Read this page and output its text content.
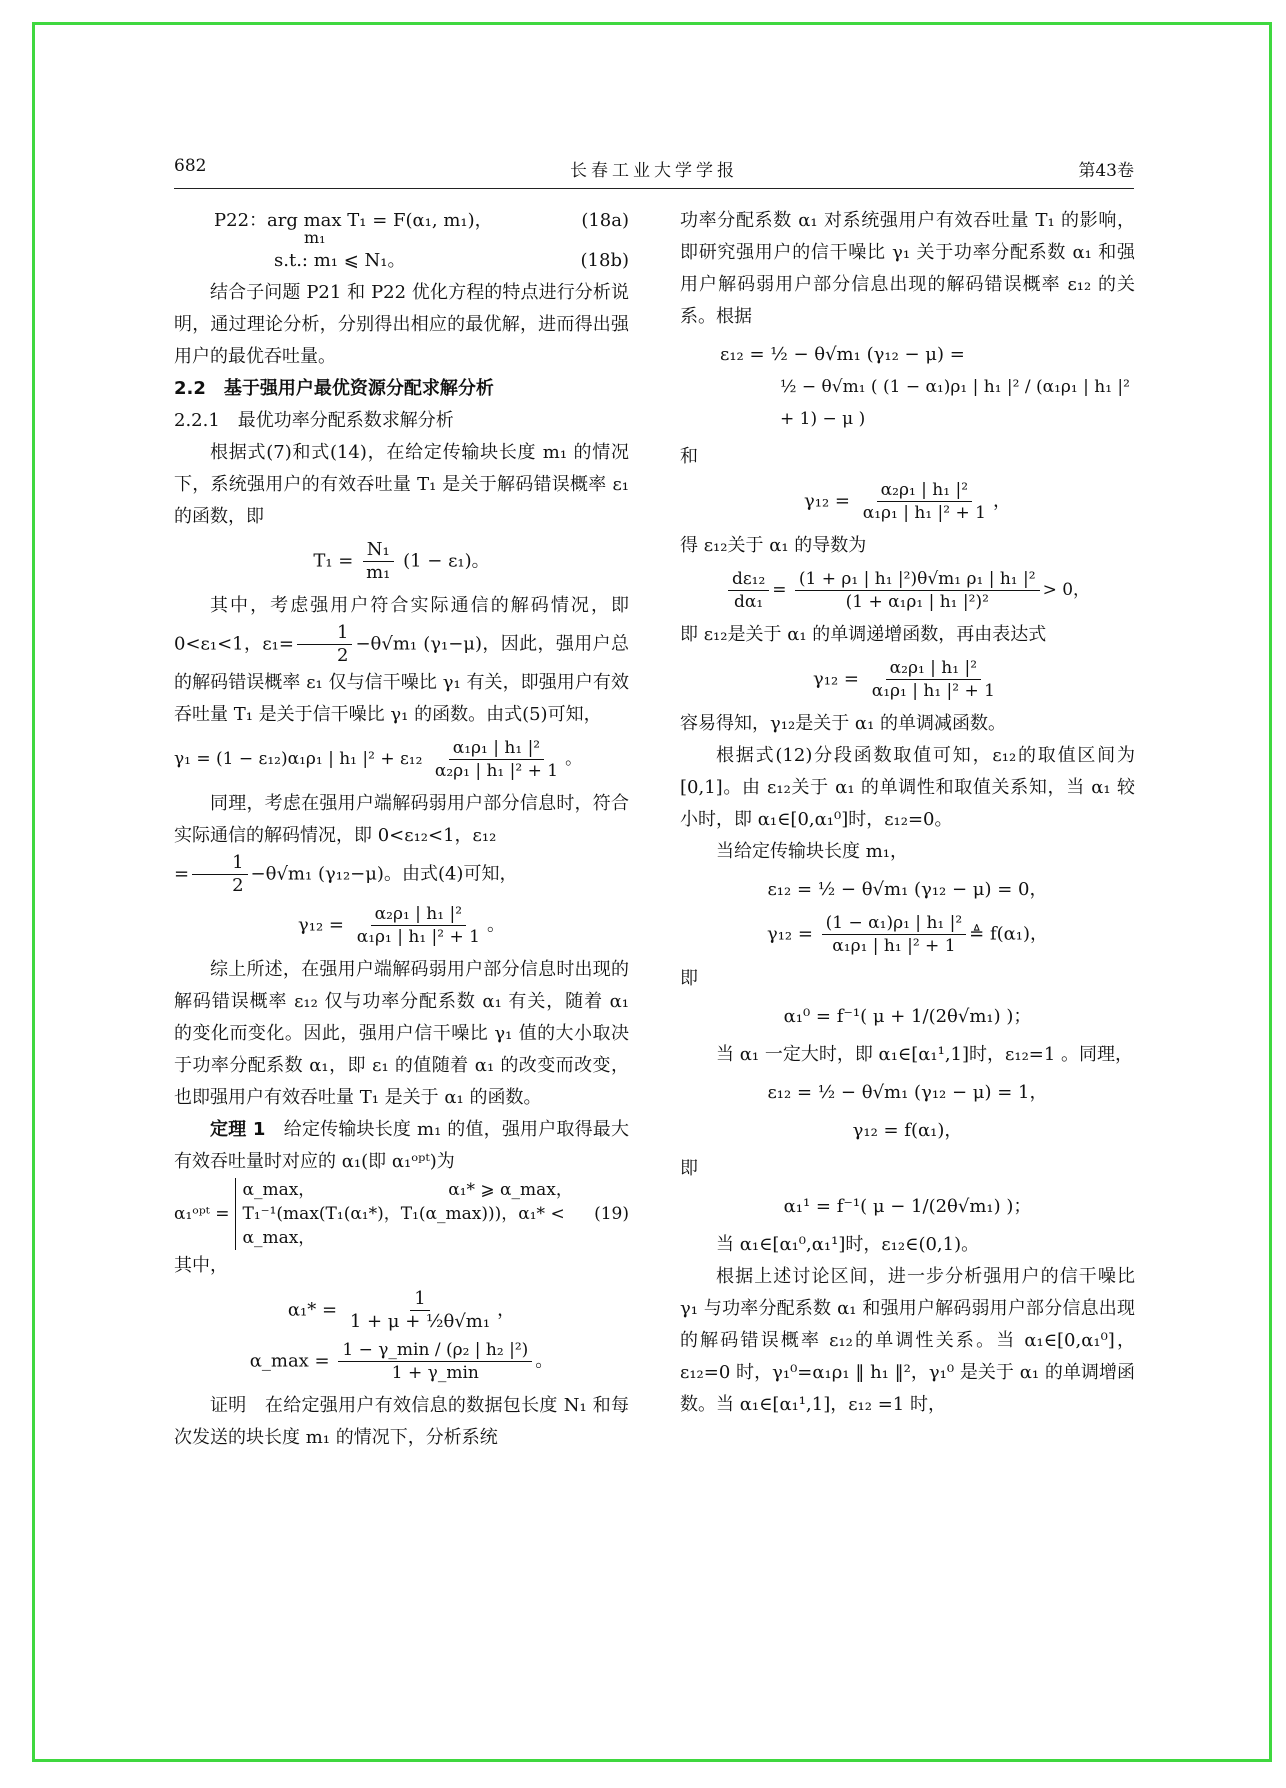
682	长春工业大学学报	第43卷
P22：arg max T₁ = F(α₁, m₁)，	(18a)
m₁
s.t.: m₁ ⩽ N₁。	(18b)

结合子问题 P21 和 P22 优化方程的特点进行分析说明，通过理论分析，分别得出相应的最优解，进而得出强用户的最优吞吐量。

2.2　基于强用户最优资源分配求解分析
2.2.1　最优功率分配系数求解分析

根据式(7)和式(14)，在给定传输块长度 m₁ 的情况下，系统强用户的有效吞吐量 T₁ 是关于解码错误概率 ε₁ 的函数，即

$T_1 = \frac{\text{N₁}}{\text{m₁}} (1 - \varepsilon_1)$。

其中，考虑强用户符合实际通信的解码情况，即 0<ε₁<1，$\varepsilon_1= \frac{1}{2} -\theta√m_1$ (γ₁−μ)，因此，强用户总的解码错误概率 ε₁ 仅与信干噪比 γ₁ 有关，即强用户有效吞吐量 T₁ 是关于信干噪比 γ₁ 的函数。由式(5)可知，

γ₁ = (1 − ε₁₂)α₁ρ₁ | h₁ $|^2 + \varepsilon_{12} \frac{\text{α₁ρ₁ | h₁ |²}}{\text{α₂ρ₁ | h₁ |² + 1}}$ 。

同理，考虑在强用户端解码弱用户部分信息时，符合实际通信的解码情况，即 0<ε₁₂<1，ε₁₂
= $\frac{1}{2} -\theta√m_1$ (γ₁₂−μ)。由式(4)可知，

$\gamma_{12} = \frac{\text{α₂ρ₁ | h₁ |²}}{\text{α₁ρ₁ | h₁ |² + 1}}$ 。

综上所述，在强用户端解码弱用户部分信息时出现的解码错误概率 ε₁₂ 仅与功率分配系数 α₁ 有关，随着 α₁ 的变化而变化。因此，强用户信干噪比 γ₁ 值的大小取决于功率分配系数 α₁，即 ε₁ 的值随着 α₁ 的改变而改变，也即强用户有效吞吐量 T₁ 是关于 α₁ 的函数。

定理 1　给定传输块长度 m₁ 的值，强用户取得最大有效吞吐量时对应的 α₁(即 α₁ᵒᵖᵗ)为

α₁ᵒᵖᵗ =
α_max，　　　　　　　　 α₁* ⩾ α_max，
T₁⁻¹(max(T₁(α₁*)，T₁(α_max)))，α₁* < α_max，
(19)
其中，
$\alpha_1* = \frac{1}{\text{1 + μ + ½θ√m₁}}$ ，
α_max = $\frac{\text{1 − γ\_min / (ρ₂ | h₂ |²)}}{1 + \gamma\_\min}$ 。

证明　在给定强用户有效信息的数据包长度 N₁ 和每次发送的块长度 m₁ 的情况下，分析系统

功率分配系数 α₁ 对系统强用户有效吞吐量 T₁ 的影响，即研究强用户的信干噪比 γ₁ 关于功率分配系数 α₁ 和强用户解码弱用户部分信息出现的解码错误概率 ε₁₂ 的关系。根据

ε₁₂ = ½ − θ√m₁ (γ₁₂ − μ) =
½ − θ√m₁ ( (1 − α₁)ρ₁ | h₁ |² / (α₁ρ₁ | h₁ |² + 1) − μ )
和
$\gamma_{12} = \frac{\text{α₂ρ₁ | h₁ |²}}{\text{α₁ρ₁ | h₁ |² + 1}}$ ，
得 ε₁₂关于 α₁ 的导数为
$\frac{\text{dε₁₂}}{\text{dα₁}} = \frac{\text{(1 + ρ₁ | h₁ |²)θ√m₁ ρ₁ | h₁ |²}}{\text{(1 + α₁ρ₁ | h₁ |²)²}} > 0$，
即 ε₁₂是关于 α₁ 的单调递增函数，再由表达式
$\gamma_{12} = \frac{\text{α₂ρ₁ | h₁ |²}}{\text{α₁ρ₁ | h₁ |² + 1}}$
容易得知，γ₁₂是关于 α₁ 的单调减函数。

根据式(12)分段函数取值可知，ε₁₂的取值区间为[0,1]。由 ε₁₂关于 α₁ 的单调性和取值关系知，当 α₁ 较小时，即 α₁∈[0,α₁⁰]时，ε₁₂=0。

当给定传输块长度 m₁，

ε₁₂ = ½ − θ√m₁ (γ₁₂ − μ) = 0，
$\gamma_{12} = \frac{\text{(1 − α₁)ρ₁ | h₁ |²}}{\text{α₁ρ₁ | h₁ |² + 1}}$ ≜ f(α₁)，
即
α₁⁰ = f⁻¹( μ + 1/(2θ√m₁) )；

当 α₁ 一定大时，即 α₁∈[α₁¹,1]时，ε₁₂=1 。同理，

ε₁₂ = ½ − θ√m₁ (γ₁₂ − μ) = 1，
γ₁₂ = f(α₁)，
即
α₁¹ = f⁻¹( μ − 1/(2θ√m₁) )；

当 α₁∈[α₁⁰,α₁¹]时，ε₁₂∈(0,1)。

根据上述讨论区间，进一步分析强用户的信干噪比 γ₁ 与功率分配系数 α₁ 和强用户解码弱用户部分信息出现的解码错误概率 ε₁₂的单调性关系。当 α₁∈[0,α₁⁰]，ε₁₂=0 时，γ₁⁰=α₁ρ₁ ‖ h₁ ‖²，γ₁⁰ 是关于 α₁ 的单调增函数。当 α₁∈[α₁¹,1]，ε₁₂ =1 时，
